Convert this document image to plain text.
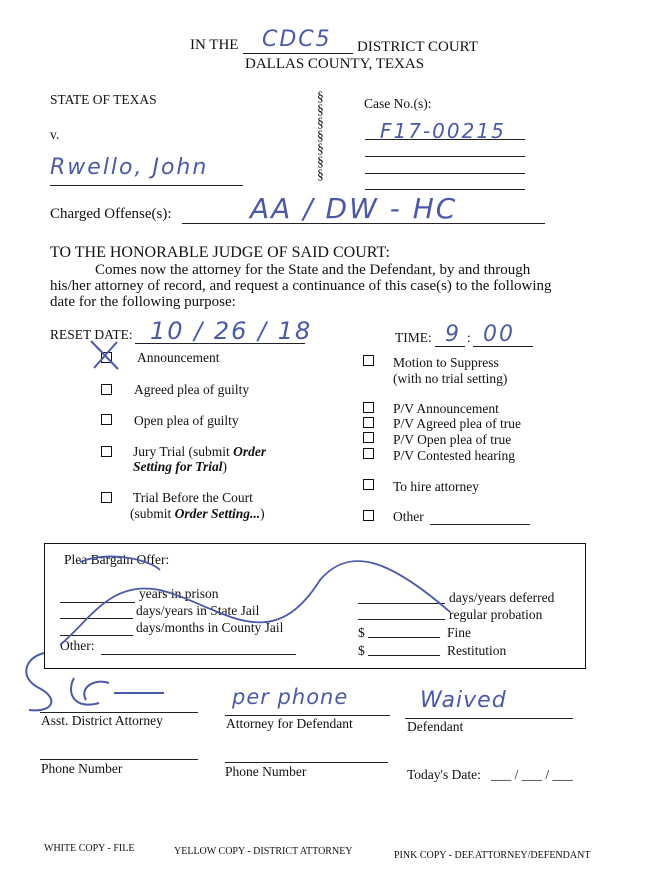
IN THE CDC5 DISTRICT COURT
DALLAS COUNTY, TEXAS
STATE OF TEXAS
v.
Rwello, John
§
§
§
§
§
§
§
Case No.(s):
F17-00215
Charged Offense(s):	AA / DW - HC
TO THE HONORABLE JUDGE OF SAID COURT:
Comes now the attorney for the State and the Defendant, by and through
his/her attorney of record, and request a continuance of this case(s) to the following
date for the following purpose:
RESET DATE: 10 / 26 / 18	TIME: 9 : 00
Announcement
Agreed plea of guilty
Open plea of guilty
Jury Trial (submit Order
Setting for Trial)
Trial Before the Court
(submit Order Setting...)
Motion to Suppress
(with no trial setting)
P/V Announcement
P/V Agreed plea of true
P/V Open plea of true
P/V Contested hearing
To hire attorney
Other
Plea Bargain Offer:
years in prison
days/years in State Jail
days/months in County Jail
Other:
days/years deferred
regular probation
$	Fine
$	Restitution
Asst. District Attorney
per phone
Attorney for Defendant
Waived
Defendant
Phone Number	Phone Number	Today's Date: ___ / ___ / ___
WHITE COPY - FILE	YELLOW COPY - DISTRICT ATTORNEY	PINK COPY - DEF.ATTORNEY/DEFENDANT
